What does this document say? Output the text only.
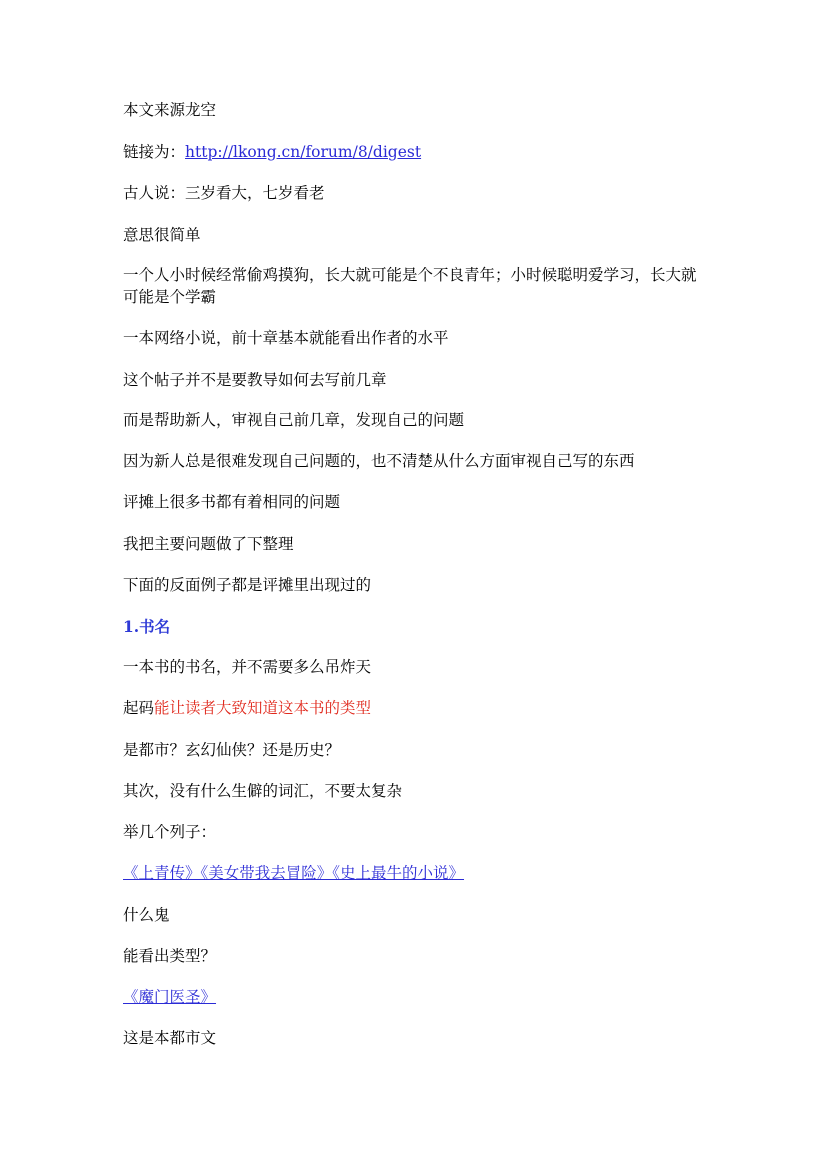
本文来源龙空

链接为：http://lkong.cn/forum/8/digest

古人说：三岁看大，七岁看老

意思很简单

一个人小时候经常偷鸡摸狗，长大就可能是个不良青年；小时候聪明爱学习，长大就可能是个学霸

一本网络小说，前十章基本就能看出作者的水平

这个帖子并不是要教导如何去写前几章

而是帮助新人，审视自己前几章，发现自己的问题

因为新人总是很难发现自己问题的，也不清楚从什么方面审视自己写的东西

评摊上很多书都有着相同的问题

我把主要问题做了下整理

下面的反面例子都是评摊里出现过的

1.书名

一本书的书名，并不需要多么吊炸天

起码能让读者大致知道这本书的类型

是都市？玄幻仙侠？还是历史？

其次，没有什么生僻的词汇，不要太复杂

举几个列子：

《上青传》《美女带我去冒险》《史上最牛的小说》

什么鬼

能看出类型？

《魔门医圣》

这是本都市文
